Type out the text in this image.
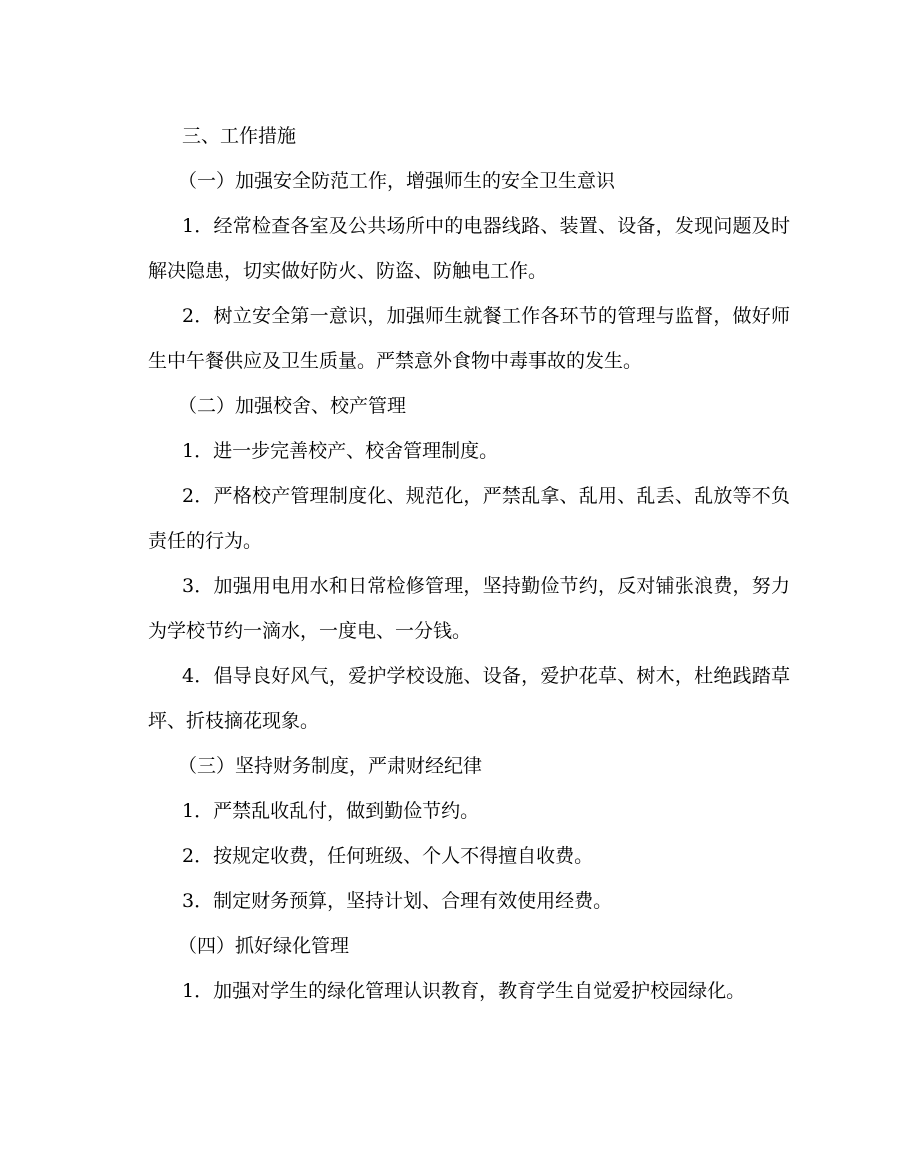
三、工作措施

（一）加强安全防范工作，增强师生的安全卫生意识

1．经常检查各室及公共场所中的电器线路、装置、设备，发现问题及时解决隐患，切实做好防火、防盗、防触电工作。

2．树立安全第一意识，加强师生就餐工作各环节的管理与监督，做好师生中午餐供应及卫生质量。严禁意外食物中毒事故的发生。

（二）加强校舍、校产管理

1．进一步完善校产、校舍管理制度。

2．严格校产管理制度化、规范化，严禁乱拿、乱用、乱丢、乱放等不负责任的行为。

3．加强用电用水和日常检修管理，坚持勤俭节约，反对铺张浪费，努力为学校节约一滴水，一度电、一分钱。

4．倡导良好风气，爱护学校设施、设备，爱护花草、树木，杜绝践踏草坪、折枝摘花现象。

（三）坚持财务制度，严肃财经纪律

1．严禁乱收乱付，做到勤俭节约。

2．按规定收费，任何班级、个人不得擅自收费。

3．制定财务预算，坚持计划、合理有效使用经费。

（四）抓好绿化管理

1．加强对学生的绿化管理认识教育，教育学生自觉爱护校园绿化。
